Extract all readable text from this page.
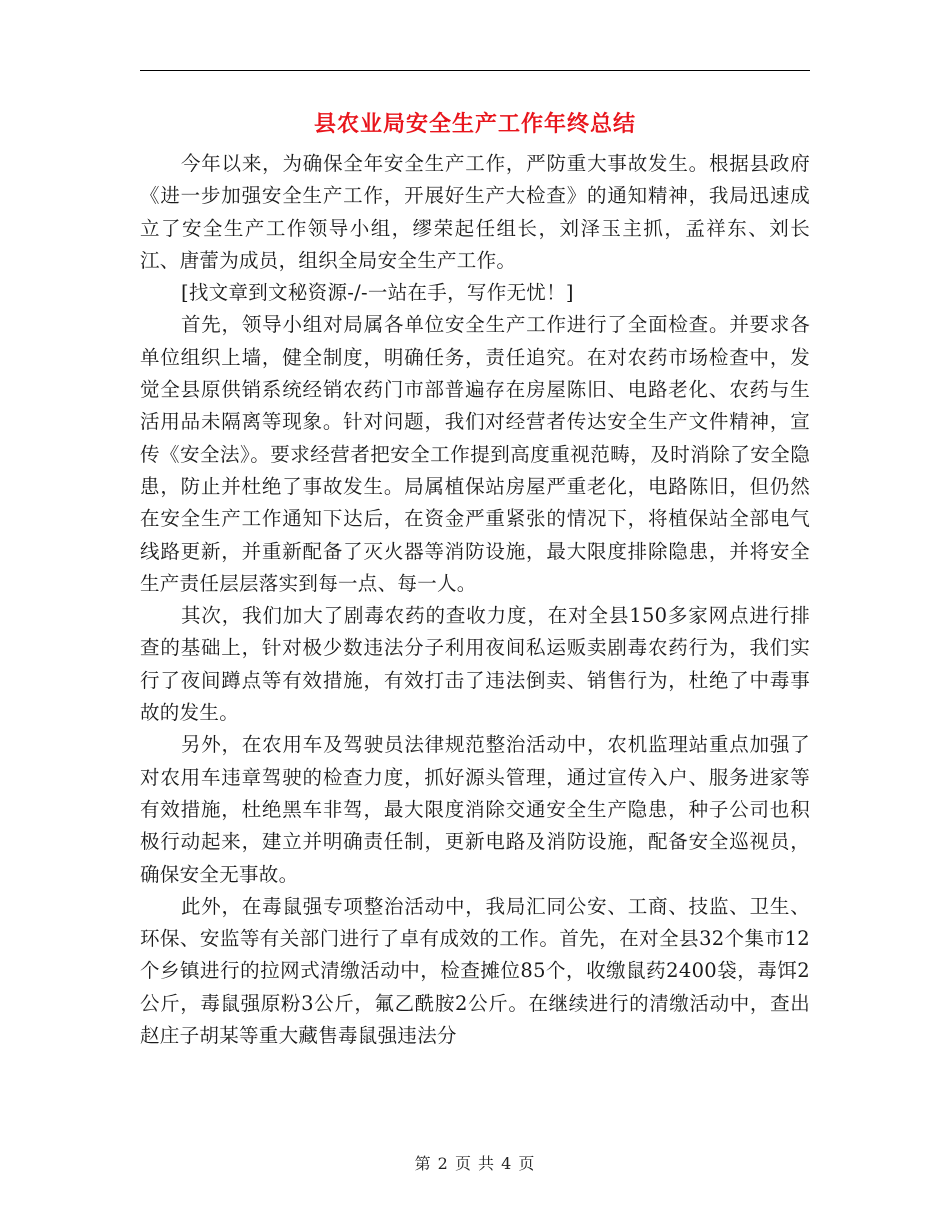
县农业局安全生产工作年终总结

今年以来，为确保全年安全生产工作，严防重大事故发生。根据县政府《进一步加强安全生产工作，开展好生产大检查》的通知精神，我局迅速成立了安全生产工作领导小组，缪荣起任组长，刘泽玉主抓，孟祥东、刘长江、唐蕾为成员，组织全局安全生产工作。

[找文章到文秘资源-/-一站在手，写作无忧！]

首先，领导小组对局属各单位安全生产工作进行了全面检查。并要求各单位组织上墙，健全制度，明确任务，责任追究。在对农药市场检查中，发觉全县原供销系统经销农药门市部普遍存在房屋陈旧、电路老化、农药与生活用品未隔离等现象。针对问题，我们对经营者传达安全生产文件精神，宣传《安全法》。要求经营者把安全工作提到高度重视范畴，及时消除了安全隐患，防止并杜绝了事故发生。局属植保站房屋严重老化，电路陈旧，但仍然在安全生产工作通知下达后，在资金严重紧张的情况下，将植保站全部电气线路更新，并重新配备了灭火器等消防设施，最大限度排除隐患，并将安全生产责任层层落实到每一点、每一人。

其次，我们加大了剧毒农药的查收力度，在对全县150多家网点进行排查的基础上，针对极少数违法分子利用夜间私运贩卖剧毒农药行为，我们实行了夜间蹲点等有效措施，有效打击了违法倒卖、销售行为，杜绝了中毒事故的发生。

另外，在农用车及驾驶员法律规范整治活动中，农机监理站重点加强了对农用车违章驾驶的检查力度，抓好源头管理，通过宣传入户、服务进家等有效措施，杜绝黑车非驾，最大限度消除交通安全生产隐患，种子公司也积极行动起来，建立并明确责任制，更新电路及消防设施，配备安全巡视员，确保安全无事故。

此外，在毒鼠强专项整治活动中，我局汇同公安、工商、技监、卫生、环保、安监等有关部门进行了卓有成效的工作。首先，在对全县32个集市12个乡镇进行的拉网式清缴活动中，检查摊位85个，收缴鼠药2400袋，毒饵2公斤，毒鼠强原粉3公斤，氟乙酰胺2公斤。在继续进行的清缴活动中，查出赵庄子胡某等重大藏售毒鼠强违法分

第 2 页 共 4 页
